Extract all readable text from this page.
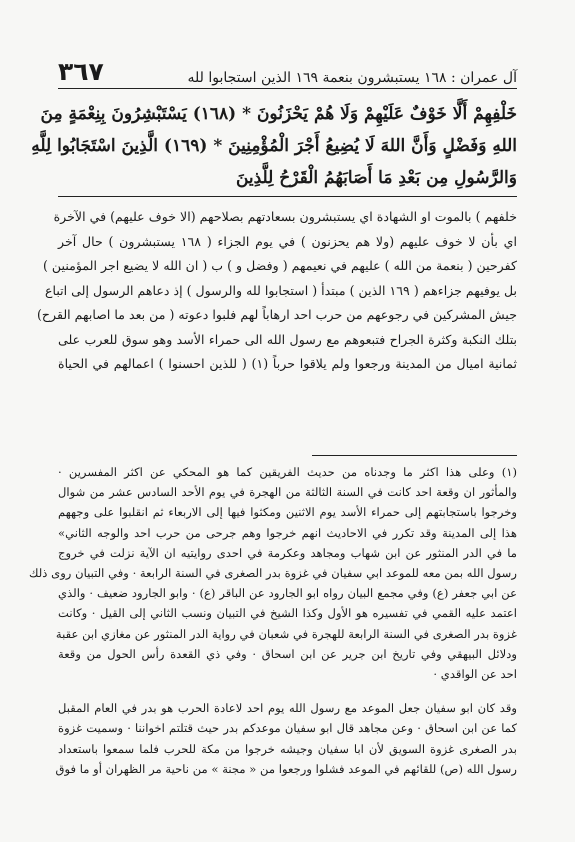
آل عمران : ١٦٨ يستبشرون بنعمة ١٦٩ الذين استجابوا لله
٣٦٧
خَلْفِهِمْ أَلَّا خَوْفٌ عَلَيْهِمْ وَلَا هُمْ يَحْزَنُونَ * (١٦٨) يَسْتَبْشِرُونَ بِنِعْمَةٍ مِنَ
اللهِ وَفَضْلٍ وَأَنَّ اللهَ لَا يُضِيعُ أَجْرَ الْمُؤْمِنِينَ * (١٦٩) الَّذِينَ اسْتَجَابُوا لِلَّهِ
وَالرَّسُولِ مِن بَعْدِ مَا أَصَابَهُمُ الْقَرْحُ لِلَّذِينَ
خلفهم ) بالموت او الشهادة اي يستبشرون بسعادتهم بصلاحهم (الا خوف عليهم) في الآخرة
اي بأن لا خوف عليهم (ولا هم يحزنون ) في يوم الجزاء ( ١٦٨ يستبشرون ) حال آخر
كفرحين ( بنعمة من الله ) عليهم في نعيمهم ( وفضل و ) ب ( ان الله لا يضيع اجر المؤمنين )
بل يوفيهم جزاءهم ( ١٦٩ الذين ) مبتدأ ( استجابوا لله والرسول ) إذ دعاهم الرسول إلى اتباع
جيش المشركين في رجوعهم من حرب احد ارهاباً لهم فلبوا دعوته ( من بعد ما اصابهم القرح)
بتلك النكبة وكثرة الجراح فتبعوهم مع رسول الله الى حمراء الأسد وهو سوق للعرب على
ثمانية اميال من المدينة ورجعوا ولم يلاقوا حرباً (١) ( للذين احسنوا ) اعمالهم في الحياة
(١) وعلى هذا اكثر ما وجدناه من حديث الفريقين كما هو المحكي عن اكثر المفسرين ·
والمأثور ان وقعة احد كانت في السنة الثالثة من الهجرة في يوم الأحد السادس عشر من شوال
وخرجوا باستجابتهم إلى حمراء الأسد يوم الاثنين ومكثوا فيها إلى الاربعاء ثم انقلبوا على وجههم
هذا إلى المدينة وقد تكرر في الاحاديث انهم خرجوا وهم جرحى من حرب احد والوجه الثاني»
ما في الدر المنثور عن ابن شهاب ومجاهد وعكرمة في احدى روايتيه ان الآية نزلت في خروج
رسول الله بمن معه للموعد ابي سفيان في غزوة بدر الصغرى في السنة الرابعة · وفي التبيان روى ذلك
عن ابي جعفر (ع) وفي مجمع البيان رواه ابو الجارود عن الباقر (ع) · وابو الجارود ضعيف · والذي
اعتمد عليه القمي في تفسيره هو الأول وكذا الشيخ في التبيان ونسب الثاني إلى القيل · وكانت
غزوة بدر الصغرى في السنة الرابعة للهجرة في شعبان في رواية الدر المنثور عن مغازي ابن عقبة
ودلائل البيهقي وفي تاريخ ابن جرير عن ابن اسحاق · وفي ذي القعدة رأس الحول من وقعة
احد عن الواقدي ·
وقد كان ابو سفيان جعل الموعد مع رسول الله يوم احد لاعادة الحرب هو بدر في العام المقبل
كما عن ابن اسحاق · وعن مجاهد قال ابو سفيان موعدكم بدر حيث قتلتم اخواننا · وسميت غزوة
بدر الصغرى غزوة السويق لأن ابا سفيان وجيشه خرجوا من مكة للحرب فلما سمعوا باستعداد
رسول الله (ص) للقائهم في الموعد فشلوا ورجعوا من « مجنة » من ناحية مر الظهران أو ما فوق
